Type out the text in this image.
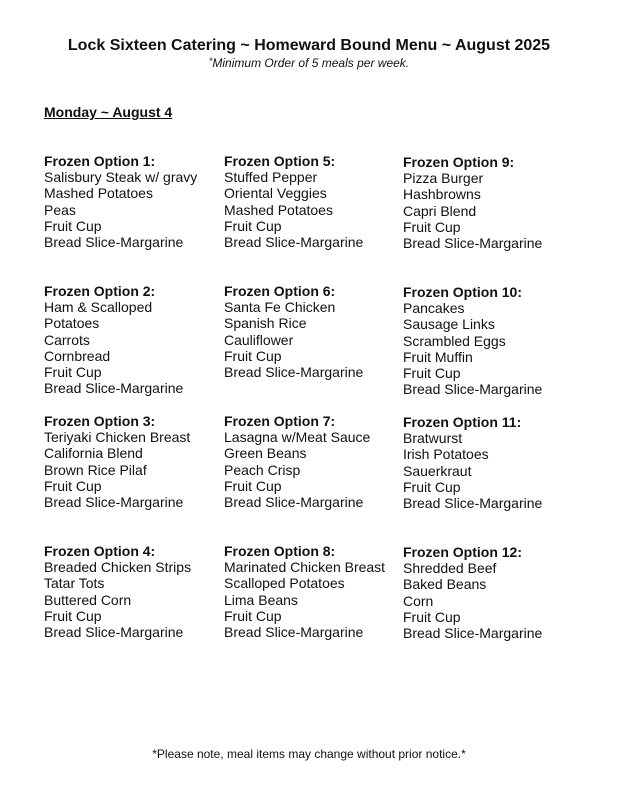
Lock Sixteen Catering ~ Homeward Bound Menu ~ August 2025
*Minimum Order of 5 meals per week.
Monday ~ August 4
Frozen Option 1:
Salisbury Steak w/ gravy
Mashed Potatoes
Peas
Fruit Cup
Bread Slice-Margarine
Frozen Option 5:
Stuffed Pepper
Oriental Veggies
Mashed Potatoes
Fruit Cup
Bread Slice-Margarine
Frozen Option 9:
Pizza Burger
Hashbrowns
Capri Blend
Fruit Cup
Bread Slice-Margarine
Frozen Option 2:
Ham & Scalloped Potatoes
Carrots
Cornbread
Fruit Cup
Bread Slice-Margarine
Frozen Option 6:
Santa Fe Chicken
Spanish Rice
Cauliflower
Fruit Cup
Bread Slice-Margarine
Frozen Option 10:
Pancakes
Sausage Links
Scrambled Eggs
Fruit Muffin
Fruit Cup
Bread Slice-Margarine
Frozen Option 3:
Teriyaki Chicken Breast
California Blend
Brown Rice Pilaf
Fruit Cup
Bread Slice-Margarine
Frozen Option 7:
Lasagna w/Meat Sauce
Green Beans
Peach Crisp
Fruit Cup
Bread Slice-Margarine
Frozen Option 11:
Bratwurst
Irish Potatoes
Sauerkraut
Fruit Cup
Bread Slice-Margarine
Frozen Option 4:
Breaded Chicken Strips
Tatar Tots
Buttered Corn
Fruit Cup
Bread Slice-Margarine
Frozen Option 8:
Marinated Chicken Breast
Scalloped Potatoes
Lima Beans
Fruit Cup
Bread Slice-Margarine
Frozen Option 12:
Shredded Beef
Baked Beans
Corn
Fruit Cup
Bread Slice-Margarine
*Please note, meal items may change without prior notice.*
